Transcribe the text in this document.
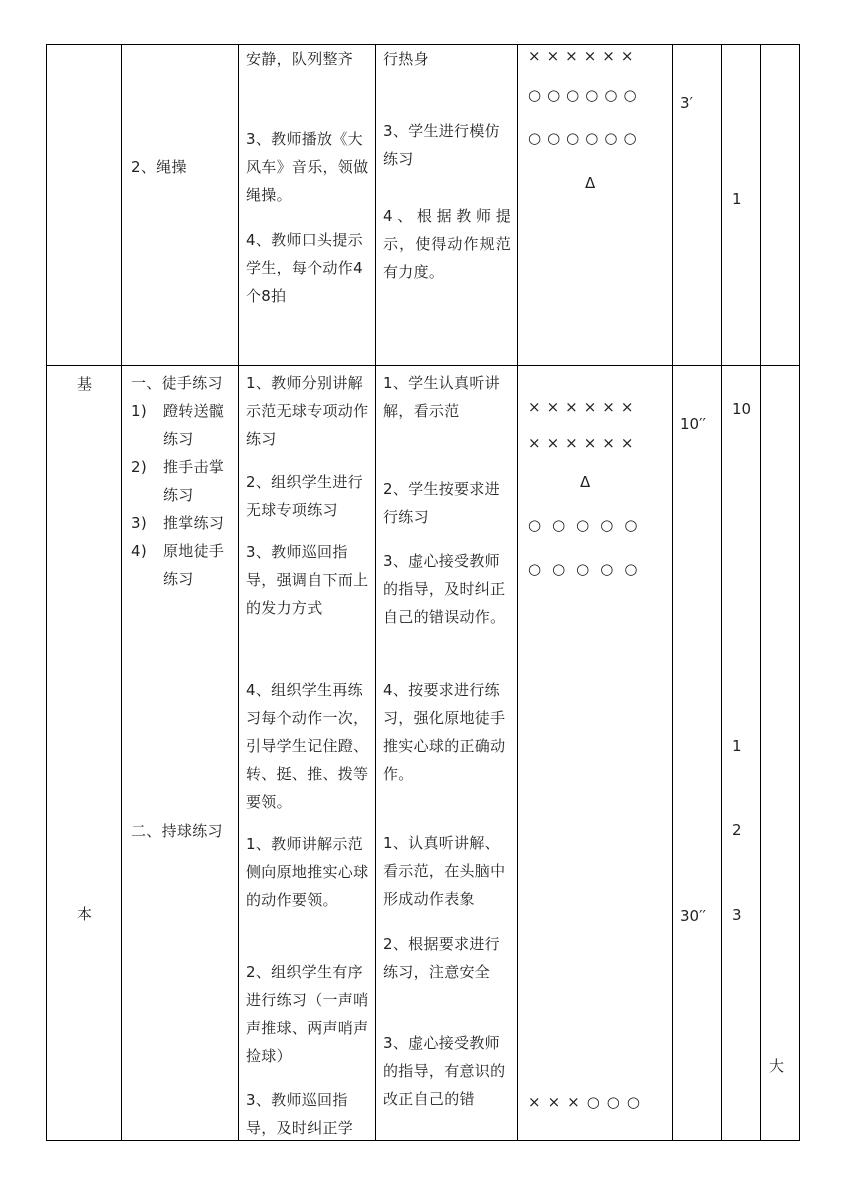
2、绳操
安静，队列整齐
3、教师播放《大风车》音乐，领做绳操。
4、教师口头提示学生，每个动作4个8拍
行热身
3、学生进行模仿练习
4、根据教师提示，使得动作规范有力度。
××××××
○○○○○○
○○○○○○
Δ
3′
1
基
本
一、徒手练习
1) 蹬转送髋练习
2) 推手击掌练习
3) 推掌练习
4) 原地徒手练习
二、持球练习
1、教师分别讲解示范无球专项动作练习
2、组织学生进行无球专项练习
3、教师巡回指导，强调自下而上的发力方式
4、组织学生再练习每个动作一次，引导学生记住蹬、转、挺、推、拨等要领。
1、教师讲解示范侧向原地推实心球的动作要领。
2、组织学生有序进行练习（一声哨声推球、两声哨声捡球）
3、教师巡回指导，及时纠正学
1、学生认真听讲解，看示范
2、学生按要求进行练习
3、虚心接受教师的指导，及时纠正自己的错误动作。
4、按要求进行练习，强化原地徒手推实心球的正确动作。
1、认真听讲解、看示范，在头脑中形成动作表象
2、根据要求进行练习，注意安全
3、虚心接受教师的指导，有意识的改正自己的错
××××××
××××××
Δ
○○○○○
○○○○○
×××○○○
10′′
30′′
10
1
2
3
大
